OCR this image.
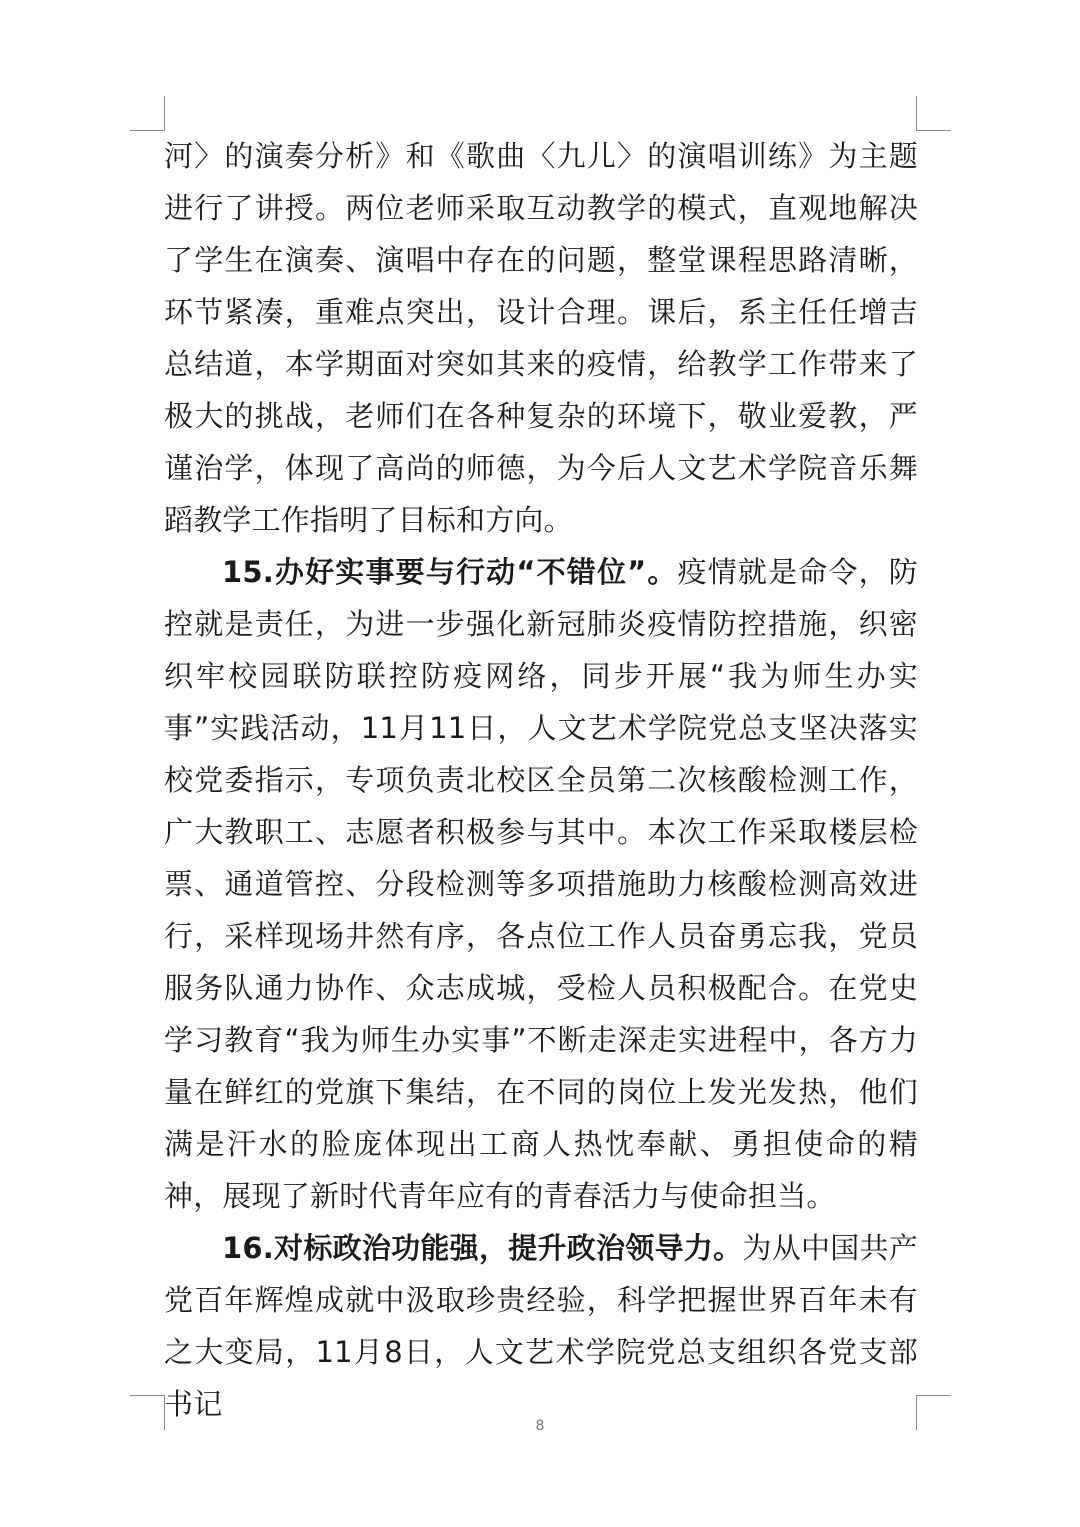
河〉的演奏分析》和《歌曲〈九儿〉的演唱训练》为主题进行了讲授。两位老师采取互动教学的模式，直观地解决了学生在演奏、演唱中存在的问题，整堂课程思路清晰，环节紧凑，重难点突出，设计合理。课后，系主任任增吉总结道，本学期面对突如其来的疫情，给教学工作带来了极大的挑战，老师们在各种复杂的环境下，敬业爱教，严谨治学，体现了高尚的师德，为今后人文艺术学院音乐舞蹈教学工作指明了目标和方向。

15.办好实事要与行动“不错位”。疫情就是命令，防控就是责任，为进一步强化新冠肺炎疫情防控措施，织密织牢校园联防联控防疫网络，同步开展“我为师生办实事”实践活动，11月11日，人文艺术学院党总支坚决落实校党委指示，专项负责北校区全员第二次核酸检测工作，广大教职工、志愿者积极参与其中。本次工作采取楼层检票、通道管控、分段检测等多项措施助力核酸检测高效进行，采样现场井然有序，各点位工作人员奋勇忘我，党员服务队通力协作、众志成城，受检人员积极配合。在党史学习教育“我为师生办实事”不断走深走实进程中，各方力量在鲜红的党旗下集结，在不同的岗位上发光发热，他们满是汗水的脸庞体现出工商人热忱奉献、勇担使命的精神，展现了新时代青年应有的青春活力与使命担当。

16.对标政治功能强，提升政治领导力。为从中国共产党百年辉煌成就中汲取珍贵经验，科学把握世界百年未有之大变局，11月8日，人文艺术学院党总支组织各党支部书记

8
